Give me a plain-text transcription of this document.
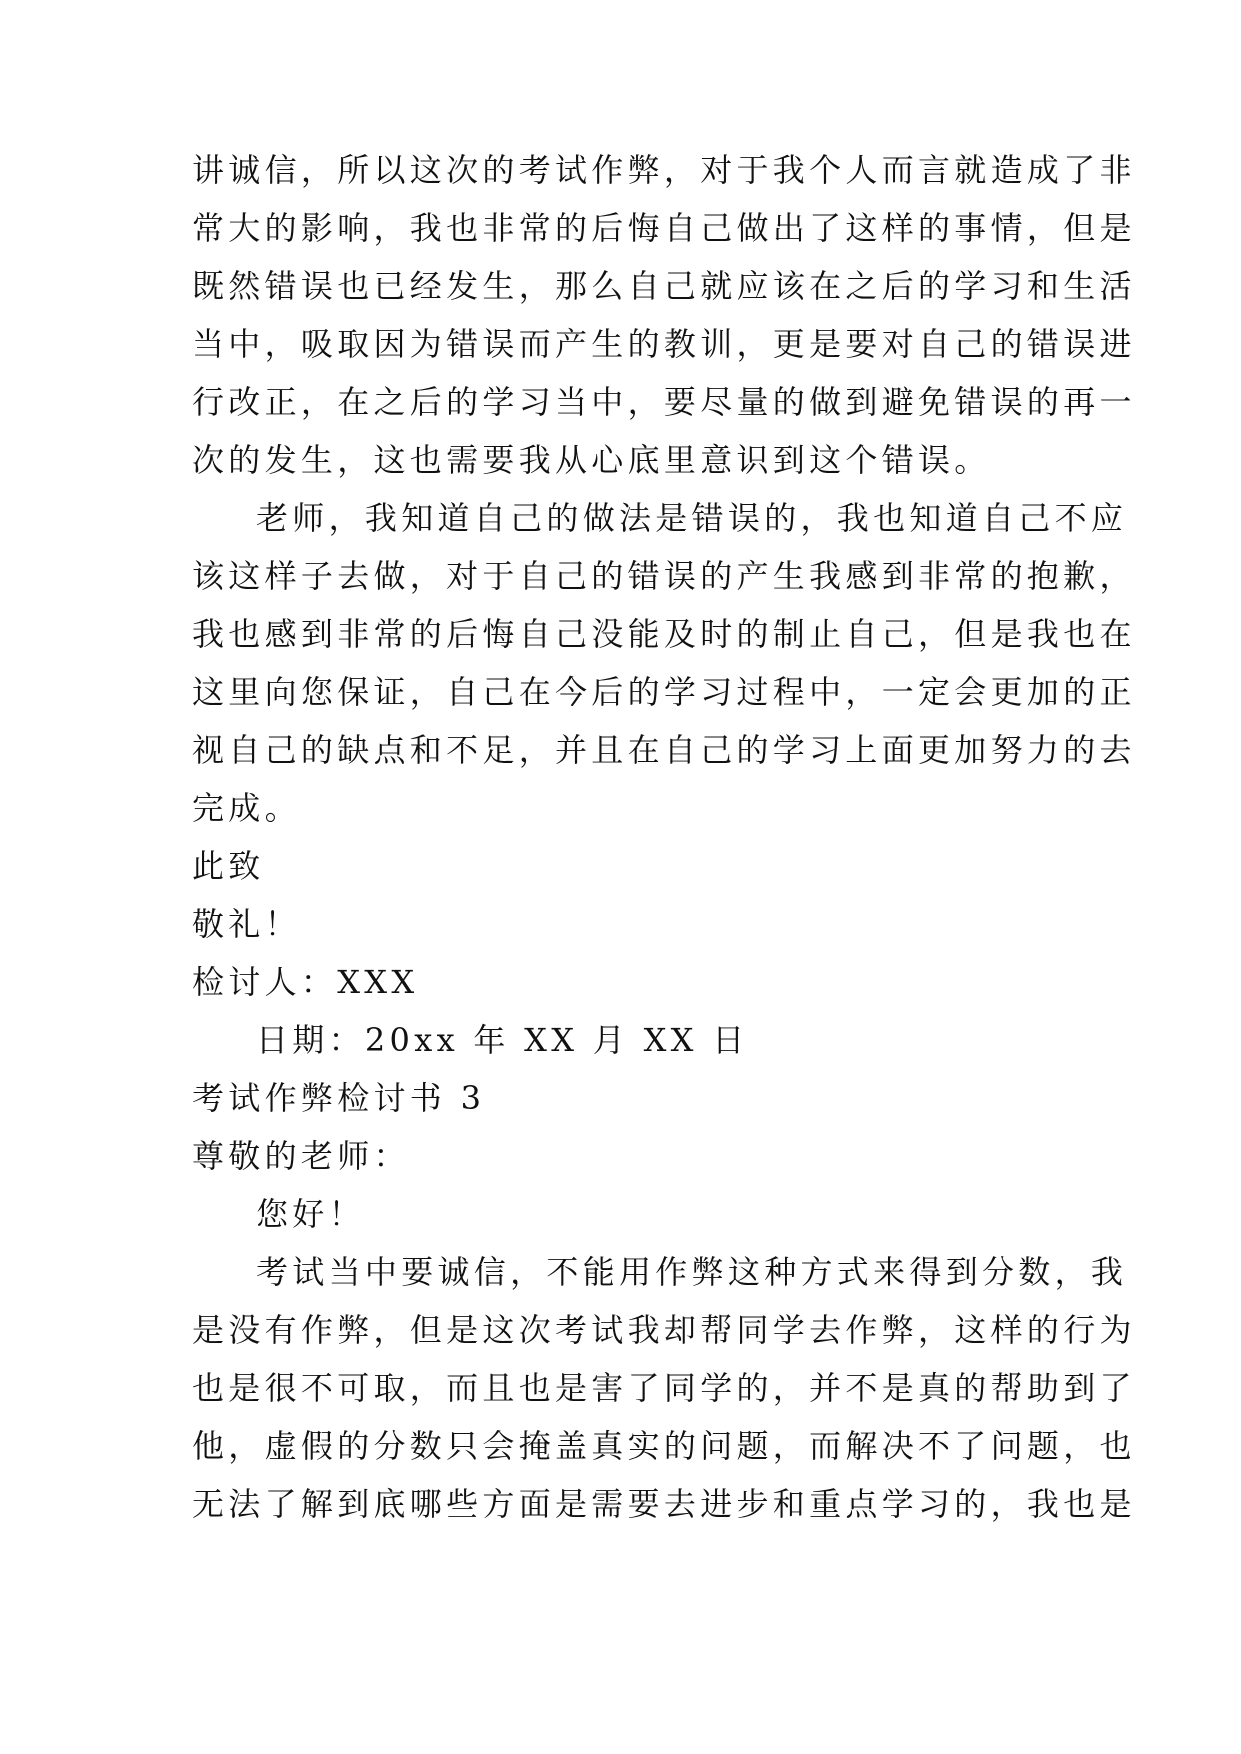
讲诚信，所以这次的考试作弊，对于我个人而言就造成了非
常大的影响，我也非常的后悔自己做出了这样的事情，但是
既然错误也已经发生，那么自己就应该在之后的学习和生活
当中，吸取因为错误而产生的教训，更是要对自己的错误进
行改正，在之后的学习当中，要尽量的做到避免错误的再一
次的发生，这也需要我从心底里意识到这个错误。
老师，我知道自己的做法是错误的，我也知道自己不应
该这样子去做，对于自己的错误的产生我感到非常的抱歉，
我也感到非常的后悔自己没能及时的制止自己，但是我也在
这里向您保证，自己在今后的学习过程中，一定会更加的正
视自己的缺点和不足，并且在自己的学习上面更加努力的去
完成。
此致
敬礼！
检讨人：XXX
日期：20xx 年 XX 月 XX 日
考试作弊检讨书 3
尊敬的老师：
您好！
考试当中要诚信，不能用作弊这种方式来得到分数，我
是没有作弊，但是这次考试我却帮同学去作弊，这样的行为
也是很不可取，而且也是害了同学的，并不是真的帮助到了
他，虚假的分数只会掩盖真实的问题，而解决不了问题，也
无法了解到底哪些方面是需要去进步和重点学习的，我也是
